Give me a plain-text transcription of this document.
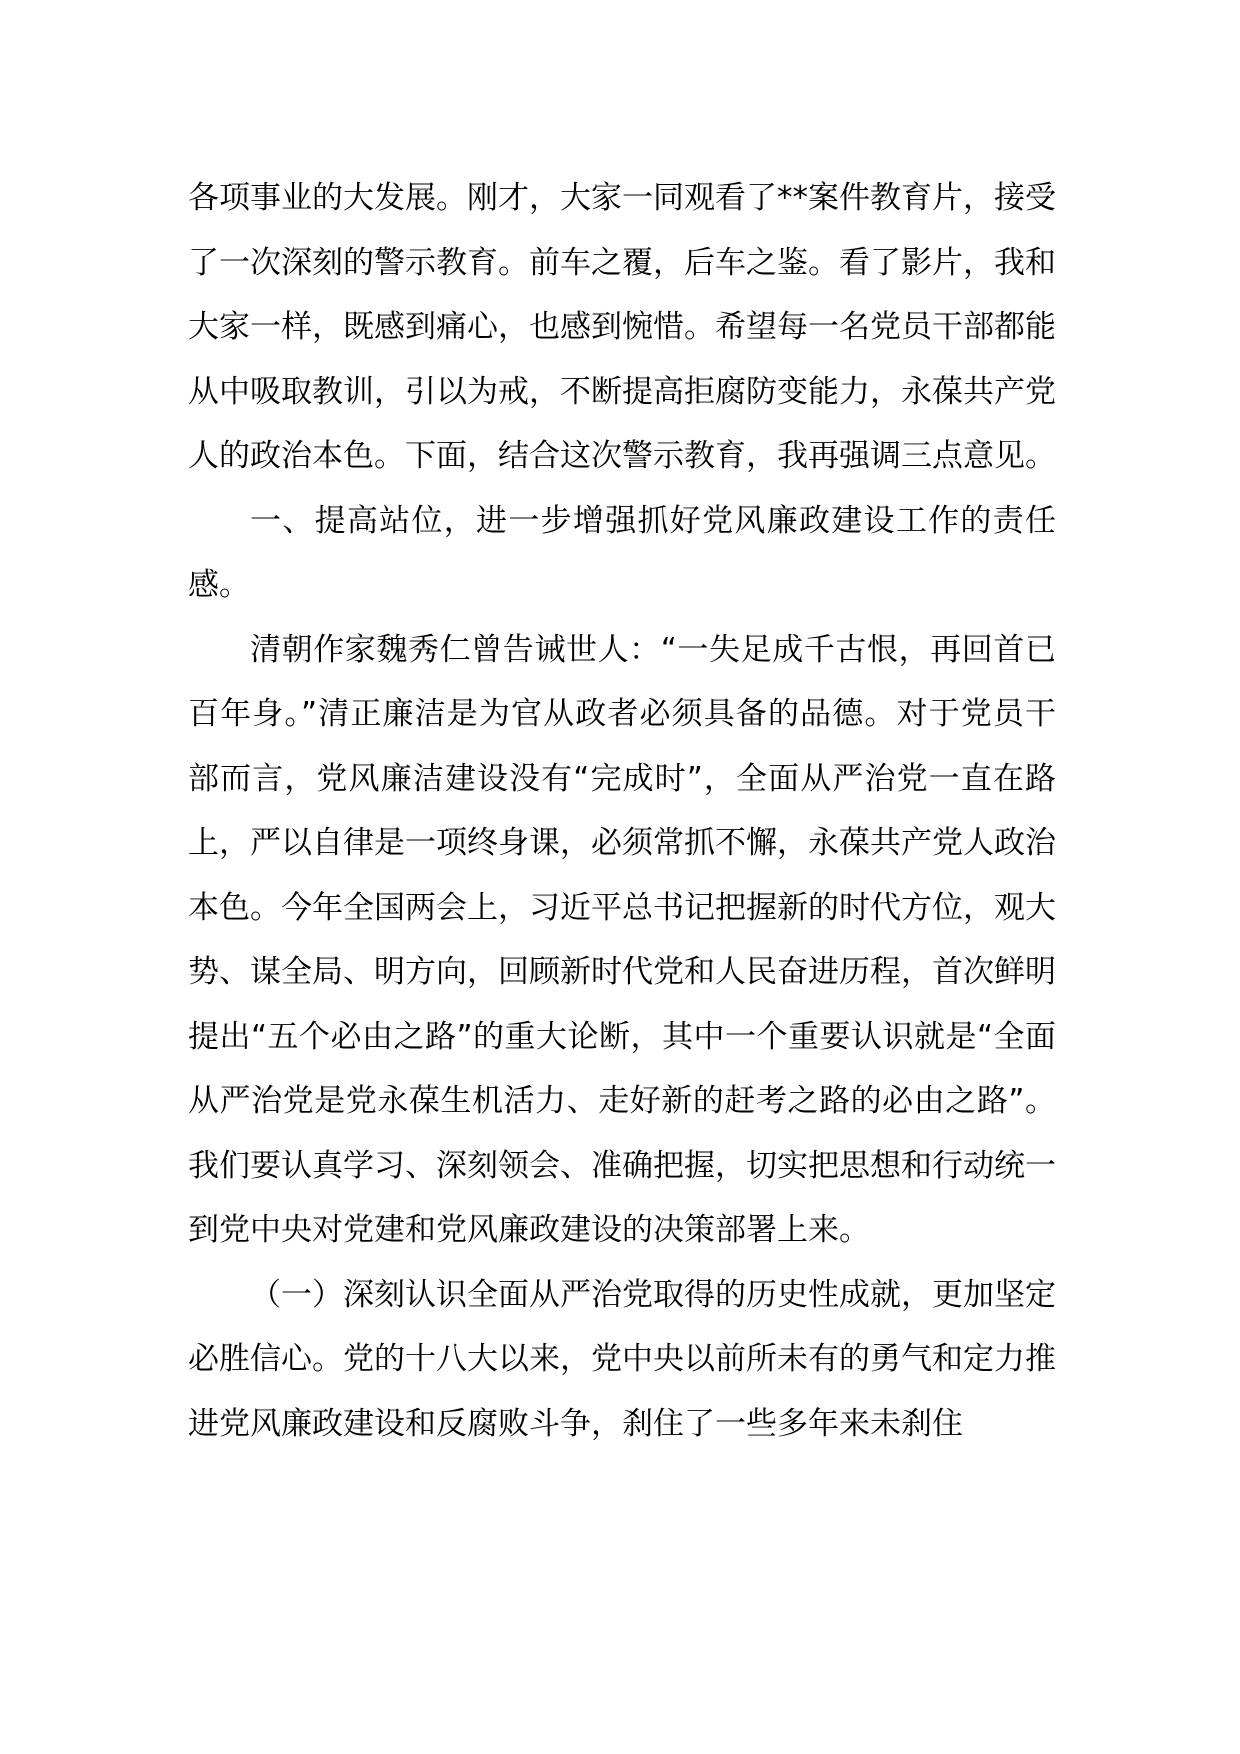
各项事业的大发展。刚才，大家一同观看了**案件教育片，接受了一次深刻的警示教育。前车之覆，后车之鉴。看了影片，我和大家一样，既感到痛心，也感到惋惜。希望每一名党员干部都能从中吸取教训，引以为戒，不断提高拒腐防变能力，永葆共产党人的政治本色。下面，结合这次警示教育，我再强调三点意见。

一、提高站位，进一步增强抓好党风廉政建设工作的责任感。

清朝作家魏秀仁曾告诫世人：“一失足成千古恨，再回首已百年身。”清正廉洁是为官从政者必须具备的品德。对于党员干部而言，党风廉洁建设没有“完成时”，全面从严治党一直在路上，严以自律是一项终身课，必须常抓不懈，永葆共产党人政治本色。今年全国两会上，习近平总书记把握新的时代方位，观大势、谋全局、明方向，回顾新时代党和人民奋进历程，首次鲜明提出“五个必由之路”的重大论断，其中一个重要认识就是“全面从严治党是党永葆生机活力、走好新的赶考之路的必由之路”。我们要认真学习、深刻领会、准确把握，切实把思想和行动统一到党中央对党建和党风廉政建设的决策部署上来。

（一）深刻认识全面从严治党取得的历史性成就，更加坚定必胜信心。党的十八大以来，党中央以前所未有的勇气和定力推进党风廉政建设和反腐败斗争，刹住了一些多年来未刹住
